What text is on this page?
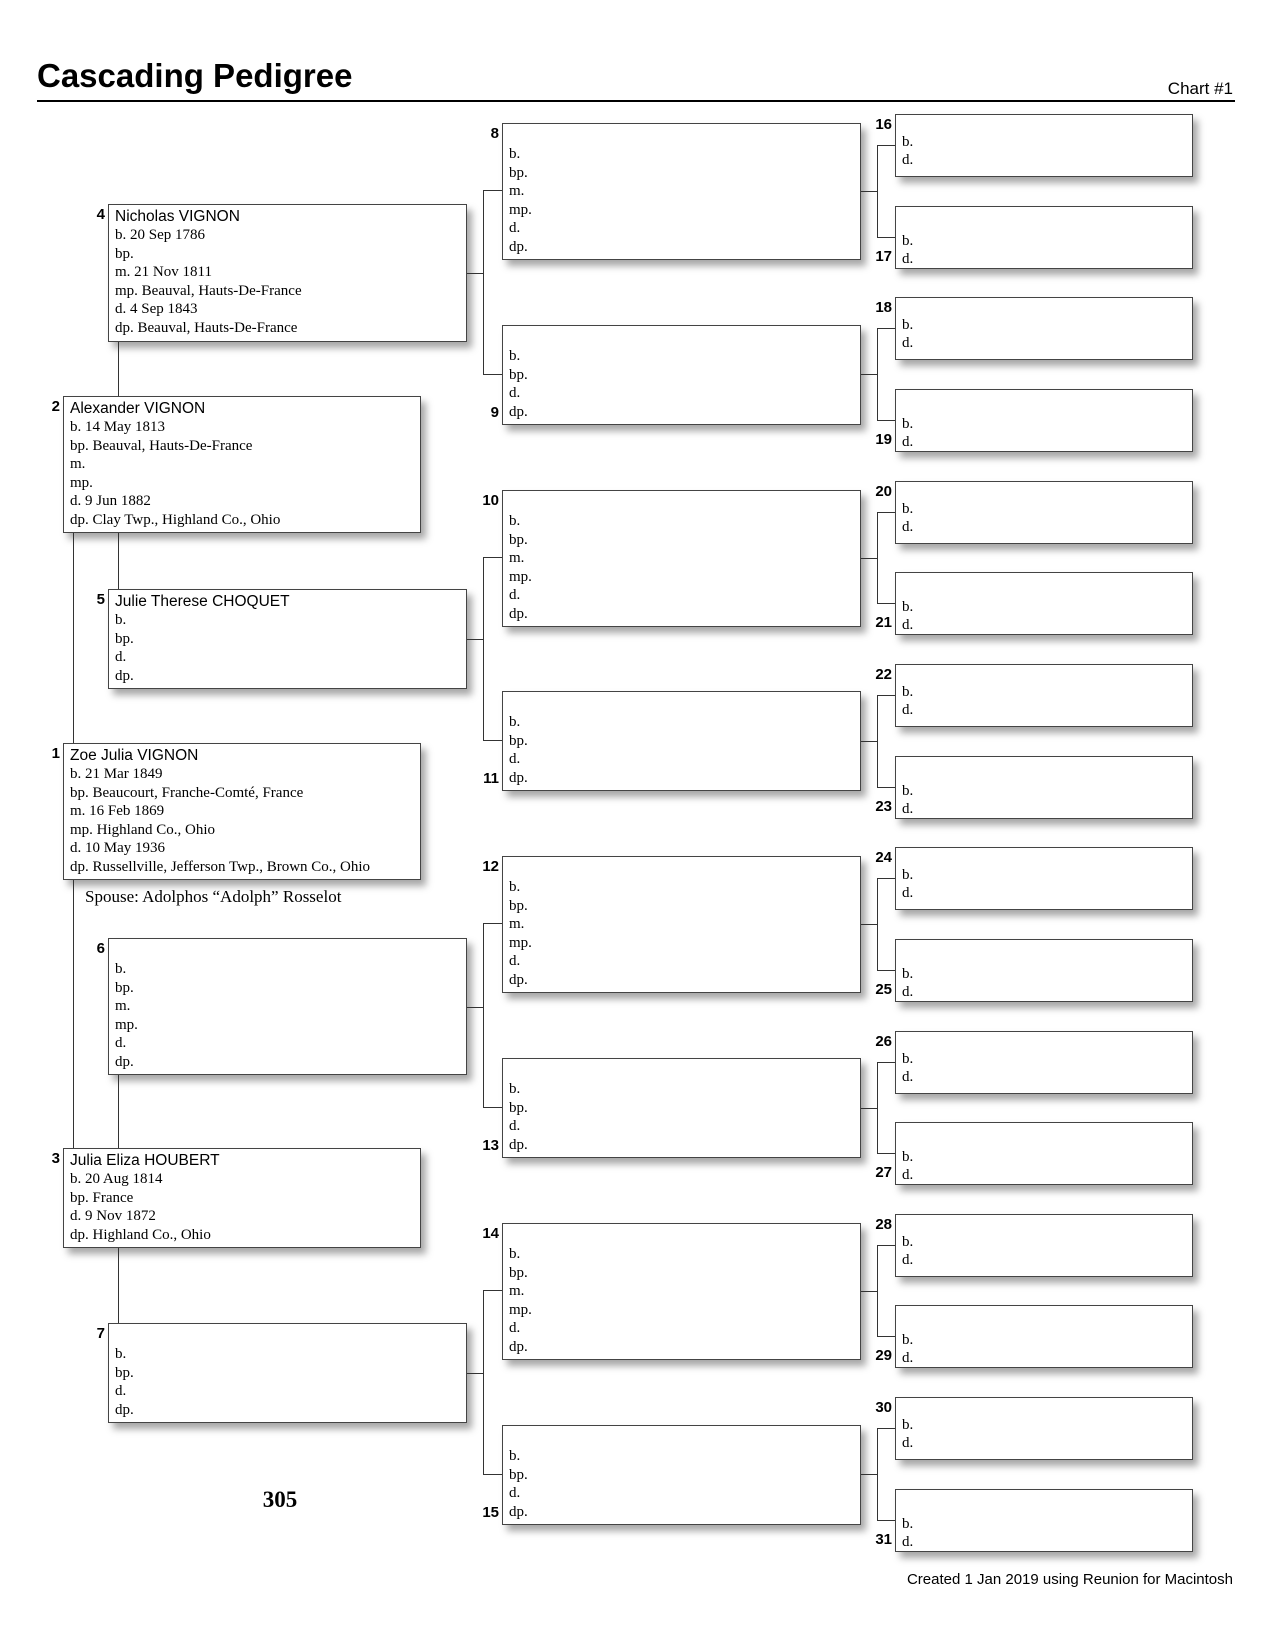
Cascading Pedigree	Chart #1
Zoe Julia VIGNON
b. 21 Mar 1849
bp. Beaucourt, Franche-Comté, France
m. 16 Feb 1869
mp. Highland Co., Ohio
d. 10 May 1936
dp. Russellville, Jefferson Twp., Brown Co., Ohio
1
Alexander VIGNON
b. 14 May 1813
bp. Beauval, Hauts-De-France
m.
mp.
d. 9 Jun 1882
dp. Clay Twp., Highland Co., Ohio
2
Julia Eliza HOUBERT
b. 20 Aug 1814
bp. France
d. 9 Nov 1872
dp. Highland Co., Ohio
3
Nicholas VIGNON
b. 20 Sep 1786
bp.
m. 21 Nov 1811
mp. Beauval, Hauts-De-France
d. 4 Sep 1843
dp. Beauval, Hauts-De-France
4
Julie Therese CHOQUET
b.
bp.
d.
dp.
5
b.
bp.
m.
mp.
d.
dp.
6
b.
bp.
d.
dp.
7
b.
bp.
m.
mp.
d.
dp.
8
b.
bp.
d.
dp.
9
b.
bp.
m.
mp.
d.
dp.
10
b.
bp.
d.
dp.
11
b.
bp.
m.
mp.
d.
dp.
12
b.
bp.
d.
dp.
13
b.
bp.
m.
mp.
d.
dp.
14
b.
bp.
d.
dp.
15
b.
d.
16
b.
d.
17
b.
d.
18
b.
d.
19
b.
d.
20
b.
d.
21
b.
d.
22
b.
d.
23
b.
d.
24
b.
d.
25
b.
d.
26
b.
d.
27
b.
d.
28
b.
d.
29
b.
d.
30
b.
d.
31
Spouse: Adolphos “Adolph” Rosselot
305
Created 1 Jan 2019 using Reunion for Macintosh
